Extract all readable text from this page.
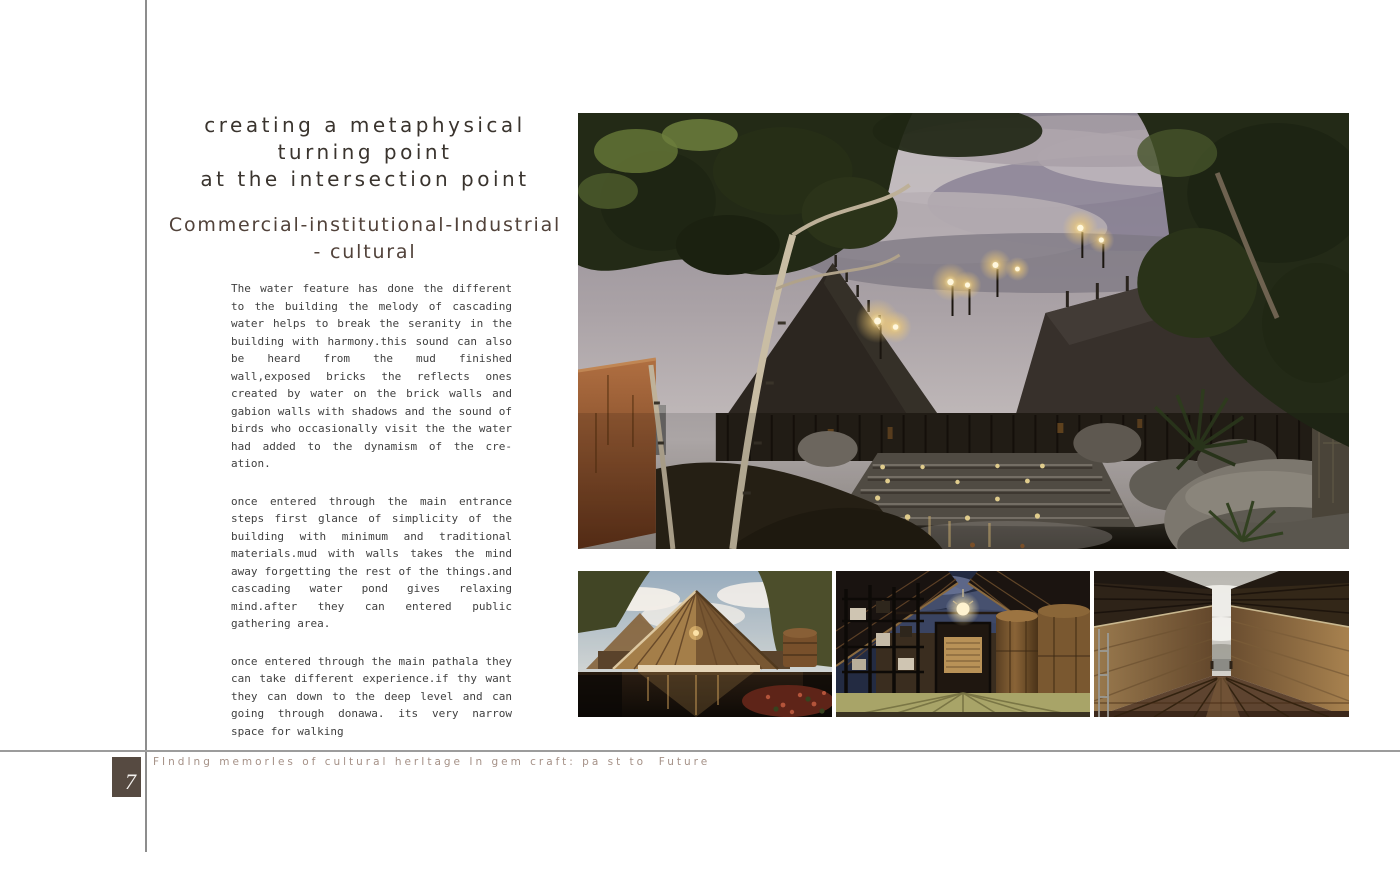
creating a metaphysical
turning point
at the intersection point
Commercial-institutional-Industrial
- cultural

The water feature has done the different to the building the melody of cascading water helps to break the seranity in the building with harmony.this sound can also be heard from the mud finished wall,exposed bricks the reflects ones created by water on the brick walls and gabion walls with shadows and the sound of birds who occasionally visit the the water had added to the dynamism of the cre-ation.

once entered through the main entrance steps first glance of simplicity of the building with minimum and traditional materials.mud with walls takes the mind away forgetting the rest of the things.and cascading water pond gives relaxing mind.after they can entered public gathering area.

once entered through the main pathala they can take different experience.if thy want they can down to the deep level and can going through donawa. its very narrow space for walking

7
FIndIng memorIes of cultural herItage In gem craft: pa st to  Future
